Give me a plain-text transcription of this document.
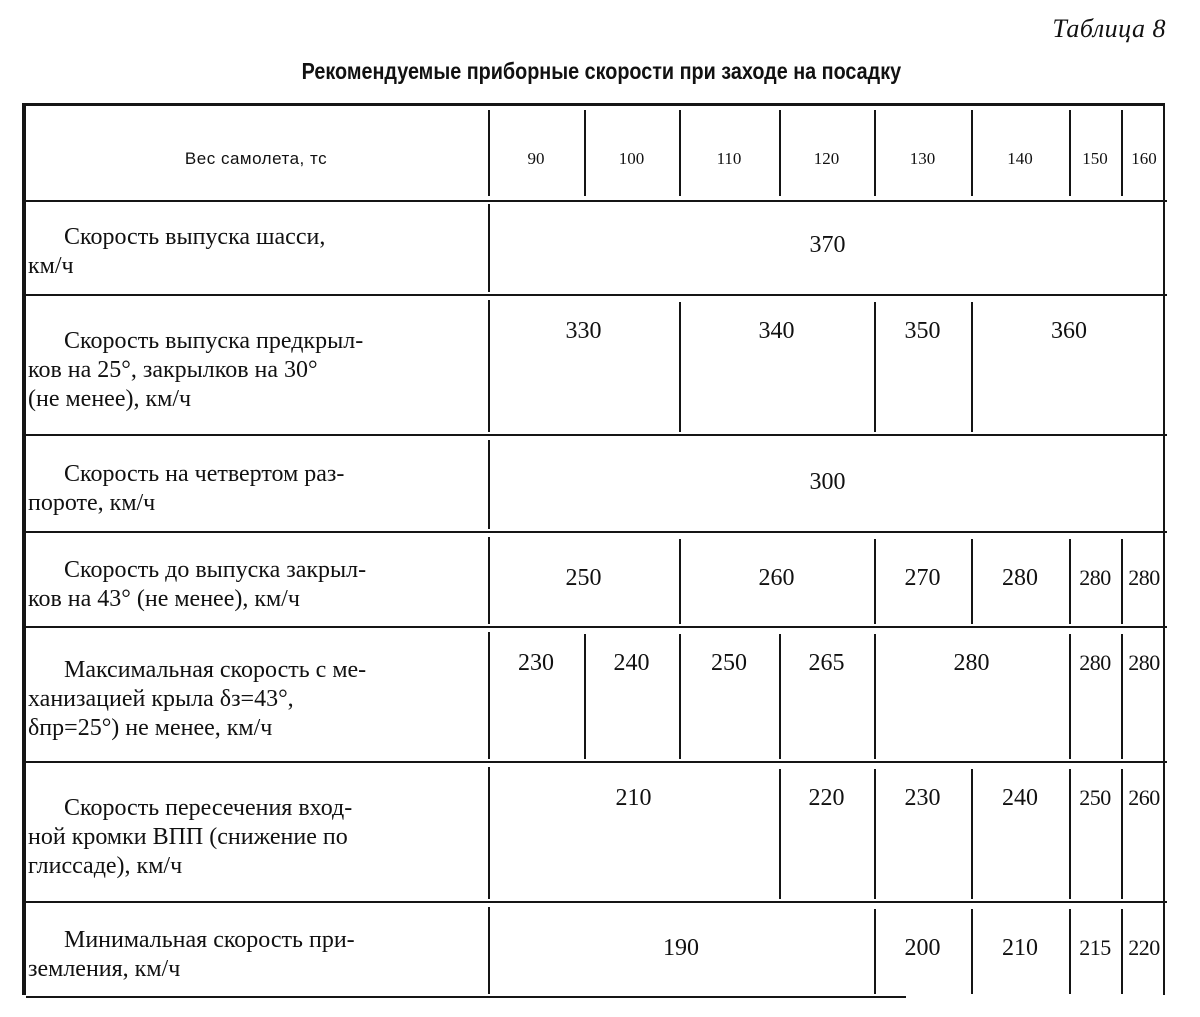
Таблица 8
Рекомендуемые приборные скорости при заходе на посадку
Вес самолета, тс	90	100	110	120	130	140	150	160
Скорость выпуска шасси,
км/ч
370
Скорость выпуска предкрыл-
ков на 25°, закрылков на 30°
(не менее), км/ч
330	340	350	360
Скорость на четвертом раз-
пороте, км/ч
300
Скорость до выпуска закрыл-
ков на 43° (не менее), км/ч
250	260	270	280	280 280
Максимальная скорость с ме-
ханизацией крыла δз=43°,
δпр=25°) не менее, км/ч
230	240	250	265	280	280 280
Скорость пересечения вход-
ной кромки ВПП (снижение по
глиссаде), км/ч
210	220	230	240	250 260
Минимальная скорость при-
земления, км/ч
190	200	210	215 220
